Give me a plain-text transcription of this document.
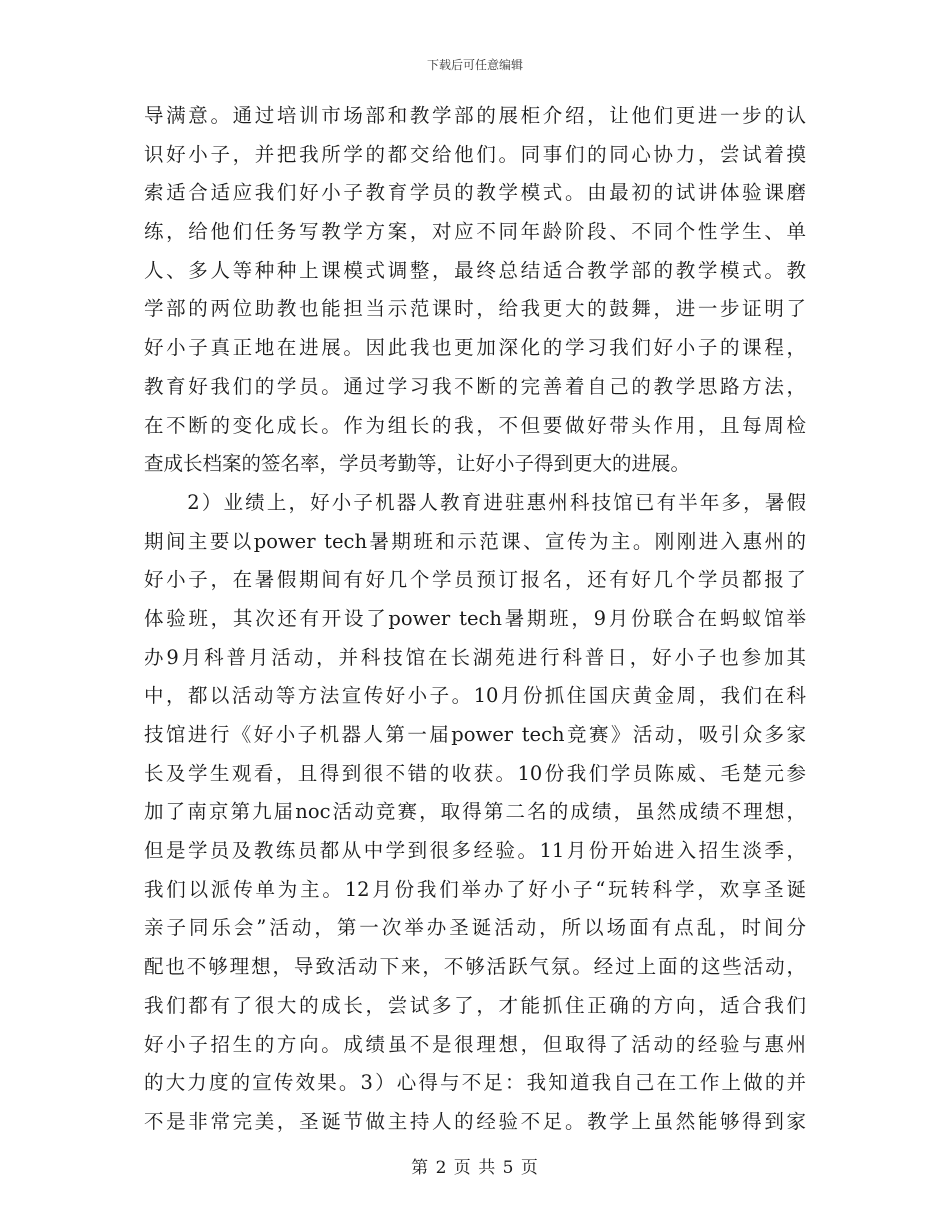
下载后可任意编辑
导满意。通过培训市场部和教学部的展柜介绍，让他们更进一步的认
识好小子，并把我所学的都交给他们。同事们的同心协力，尝试着摸
索适合适应我们好小子教育学员的教学模式。由最初的试讲体验课磨
练，给他们任务写教学方案，对应不同年龄阶段、不同个性学生、单
人、多人等种种上课模式调整，最终总结适合教学部的教学模式。教
学部的两位助教也能担当示范课时，给我更大的鼓舞，进一步证明了
好小子真正地在进展。因此我也更加深化的学习我们好小子的课程，
教育好我们的学员。通过学习我不断的完善着自己的教学思路方法，
在不断的变化成长。作为组长的我，不但要做好带头作用，且每周检
查成长档案的签名率，学员考勤等，让好小子得到更大的进展。
　　2）业绩上，好小子机器人教育进驻惠州科技馆已有半年多，暑假
期间主要以power tech暑期班和示范课、宣传为主。刚刚进入惠州的
好小子，在暑假期间有好几个学员预订报名，还有好几个学员都报了
体验班，其次还有开设了power tech暑期班，9月份联合在蚂蚁馆举
办9月科普月活动，并科技馆在长湖苑进行科普日，好小子也参加其
中，都以活动等方法宣传好小子。10月份抓住国庆黄金周，我们在科
技馆进行《好小子机器人第一届power tech竞赛》活动，吸引众多家
长及学生观看，且得到很不错的收获。10份我们学员陈威、毛楚元参
加了南京第九届noc活动竞赛，取得第二名的成绩，虽然成绩不理想，
但是学员及教练员都从中学到很多经验。11月份开始进入招生淡季，
我们以派传单为主。12月份我们举办了好小子“玩转科学，欢享圣诞
亲子同乐会”活动，第一次举办圣诞活动，所以场面有点乱，时间分
配也不够理想，导致活动下来，不够活跃气氛。经过上面的这些活动，
我们都有了很大的成长，尝试多了，才能抓住正确的方向，适合我们
好小子招生的方向。成绩虽不是很理想，但取得了活动的经验与惠州
的大力度的宣传效果。3）心得与不足：我知道我自己在工作上做的并
不是非常完美，圣诞节做主持人的经验不足。教学上虽然能够得到家
第 2 页 共 5 页
